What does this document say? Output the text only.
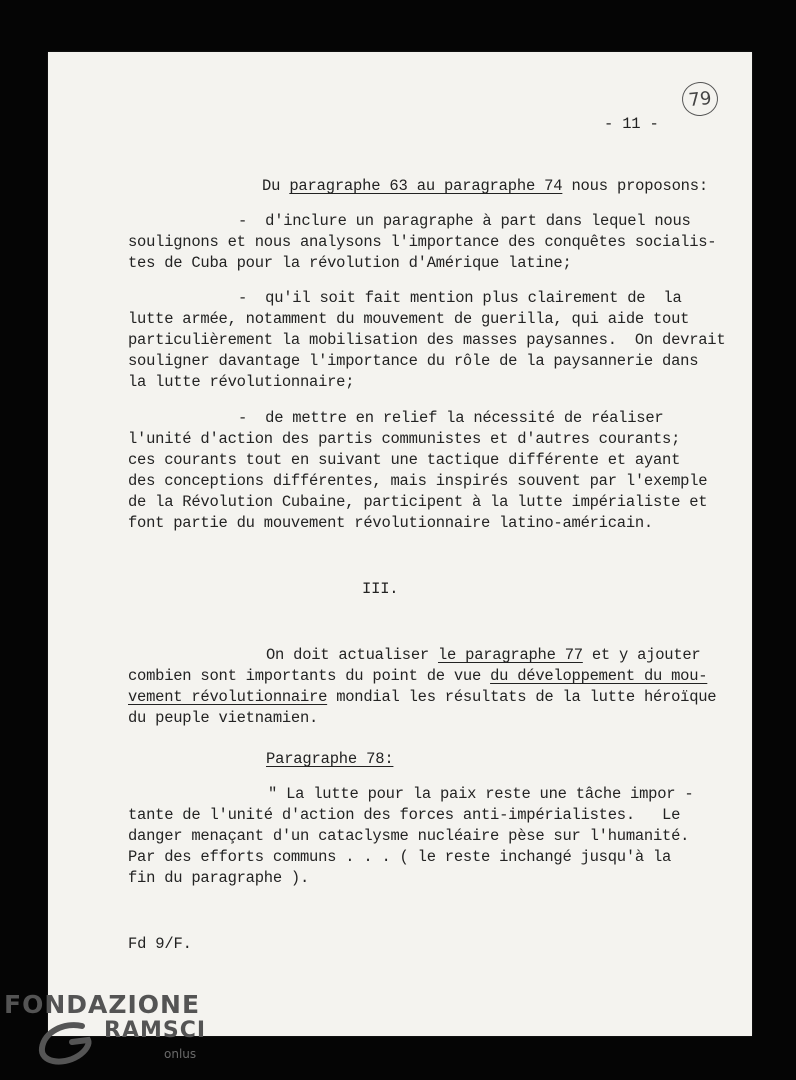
- 11 -
79
Du paragraphe 63 au paragraphe 74 nous proposons:
-  d'inclure un paragraphe à part dans lequel nous
soulignons et nous analysons l'importance des conquêtes socialis-
tes de Cuba pour la révolution d'Amérique latine;
-  qu'il soit fait mention plus clairement de  la
lutte armée, notamment du mouvement de guerilla, qui aide tout
particulièrement la mobilisation des masses paysannes.  On devrait
souligner davantage l'importance du rôle de la paysannerie dans
la lutte révolutionnaire;
-  de mettre en relief la nécessité de réaliser
l'unité d'action des partis communistes et d'autres courants;
ces courants tout en suivant une tactique différente et ayant
des conceptions différentes, mais inspirés souvent par l'exemple
de la Révolution Cubaine, participent à la lutte impérialiste et
font partie du mouvement révolutionnaire latino-américain.
III.
On doit actualiser le paragraphe 77 et y ajouter
combien sont importants du point de vue du développement du mou-
vement révolutionnaire mondial les résultats de la lutte héroïque
du peuple vietnamien.
Paragraphe 78:
" La lutte pour la paix reste une tâche impor -
tante de l'unité d'action des forces anti-impérialistes.   Le
danger menaçant d'un cataclysme nucléaire pèse sur l'humanité.
Par des efforts communs . . . ( le reste inchangé jusqu'à la
fin du paragraphe ).
Fd 9/F.
FONDAZIONE
RAMSCI
onlus
